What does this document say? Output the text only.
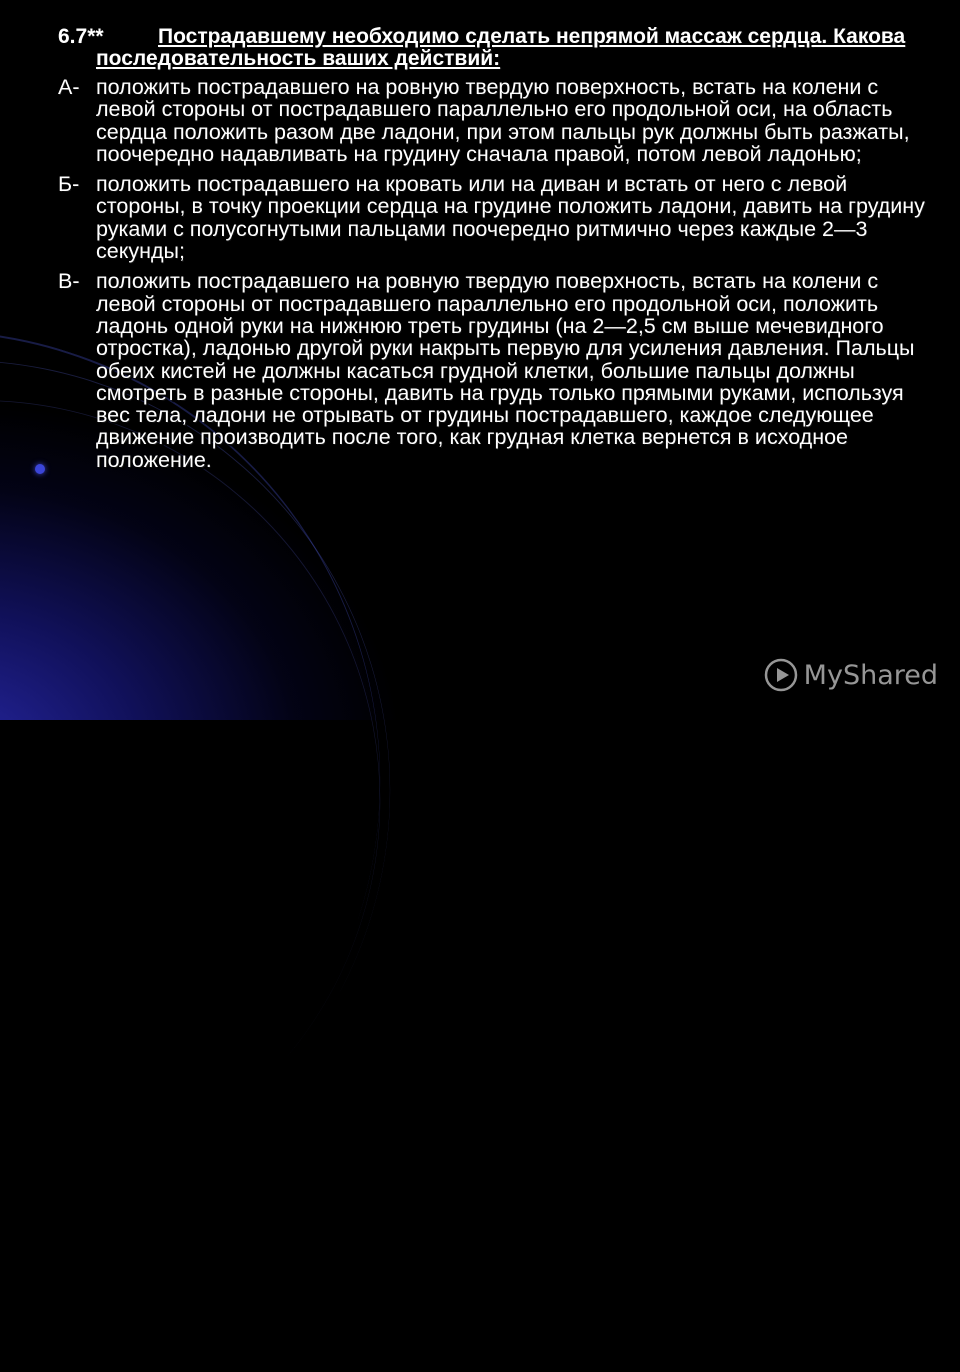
6.7**	Пострадавшему необходимо сделать непрямой массаж сердца. Какова последовательность ваших действий:

А- положить пострадавшего на ровную твердую поверхность, встать на колени с левой стороны от пострадавшего параллельно его продольной оси, на область сердца положить разом две ладони, при этом пальцы рук должны быть разжаты, поочередно надавливать на грудину сначала правой, потом левой ладонью;

Б- положить пострадавшего на кровать или на диван и встать от него с левой стороны, в точку проекции сердца на грудине положить ладони, давить на грудину руками с полусогнутыми пальцами поочередно ритмично через каждые 2—3 секунды;

В- положить пострадавшего на ровную твердую поверхность, встать на колени с левой стороны от пострадавшего параллельно его продольной оси, положить ладонь одной руки на нижнюю треть грудины (на 2—2,5 см выше мечевидного отростка), ладонью другой руки накрыть первую для усиления давления. Пальцы обеих кистей не должны касаться грудной клетки, большие пальцы должны смотреть в разные стороны, давить на грудь только прямыми руками, используя вес тела, ладони не отрывать от грудины пострадавшего, каждое следующее движение производить после того, как грудная клетка вернется в исходное положение.

MyShared
